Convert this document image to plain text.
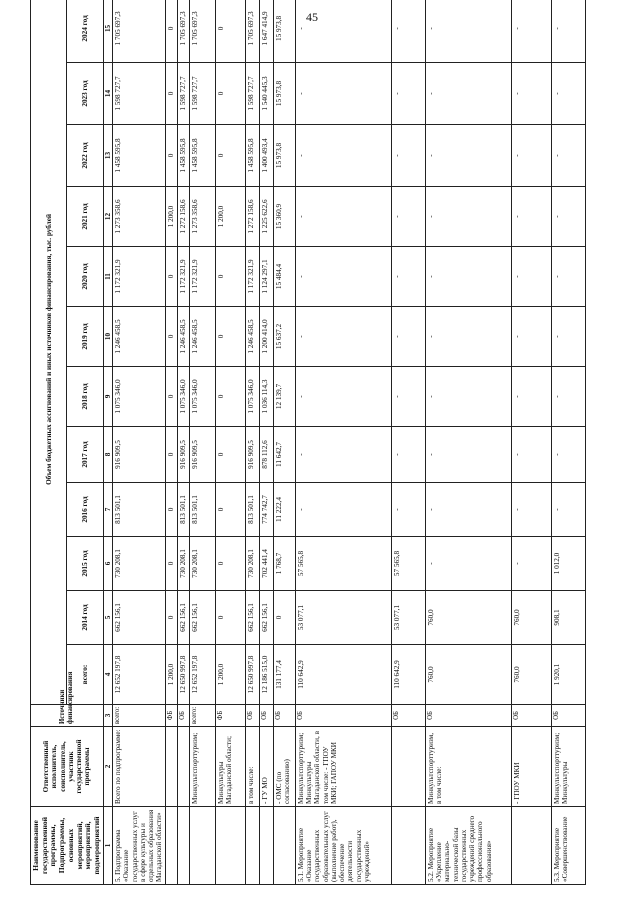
45
Наименование государственной программы, Подпрограммы, основных мероприятий, мероприятий, подмероприятий	Ответственный исполнитель, соисполнитель, участник государственной программы	Источники финансирования	Объем бюджетных ассигнований и иных источников финансирования, тыс. рублей											
			всего:	2014 год	2015 год	2016 год	2017 год	2018 год	2019 год	2020 год	2021 год	2022 год	2023 год	2024 год
1	2	3	4	5	6	7	8	9	10	11	12	13	14	15
5. Подпрограмма «Оказание государственных услуг в сфере культуры и отдельных образования Магаданской области»	Всего по подпрограмме:	всего:	12 652 197,8	662 156,1	730 208,1	813 501,1	916 909,5	1 075 346,0	1 246 458,5	1 172 321,9	1 273 358,6	1 458 595,8	1 598 727,7	1 705 697,3
		ФБ	1 200,0	0	0	0	0	0	0	0	1 200,0	0	0	0
		ОБ	12 650 997,8	662 156,1	730 208,1	813 501,1	916 909,5	1 075 346,0	1 246 458,5	1 172 321,9	1 272 158,6	1 458 595,8	1 598 727,7	1 705 697,3
	Минкультспорттуризм;	всего:	12 652 197,8	662 156,1	730 208,1	813 501,1	916 909,5	1 075 346,0	1 246 458,5	1 172 321,9	1 273 358,6	1 458 595,8	1 598 727,7	1 705 697,3
	Минкультуры Магаданской области;	ФБ	1 200,0	0	0	0	0	0	0	0	1 200,0	0	0	0
	в том числе:	ОБ	12 650 997,8	662 156,1	730 208,1	813 501,1	916 909,5	1 075 346,0	1 246 458,5	1 172 321,9	1 272 158,6	1 458 595,8	1 598 727,7	1 705 697,3
	- ГУ МО	ОБ	12 186 515,0	662 156,1	702 441,4	774 742,7	878 112,6	1 036 114,3	1 200 414,0	1 124 297,1	1 225 622,6	1 400 493,4	1 540 445,3	1 647 414,9
	- ОМС (по согласованию)	ОБ	131 177,4	0	1 768,7	11 222,4	11 642,7	12 139,7	15 637,2	15 484,4	15 360,9	15 973,8	15 973,8	15 973,8
5.1. Мероприятие «Оказание государственных образовательных услуг (выполнение работ), обеспечение деятельности государственных учреждений»	Минкультспорттуризм; Минкультуры Магаданской области, в том числе: - ГПОУ МКИ; ГАПОУ МКИ	ОБ	110 642,9	53 077,1	57 565,8	-	-	-	-	-	-	-	-	-
		ОБ	110 642,9	53 077,1	57 565,8	-	-	-	-	-	-	-	-	-
5.2. Мероприятие «Укрепление материально-технической базы государственных учреждений среднего профессионального образования»	Минкультспорттуризм, в том числе:	ОБ	760,0	760,0	-	-	-	-	-	-	-	-	-	-
	- ГПОУ МКИ	ОБ	760,0	760,0	-	-	-	-	-	-	-	-	-	-
5.3. Мероприятие «Совершенствование	Минкультспорттуризм; Минкультуры	ОБ	1 920,1	908,1	1 012,0	-	-	-	-	-	-	-	-	-
